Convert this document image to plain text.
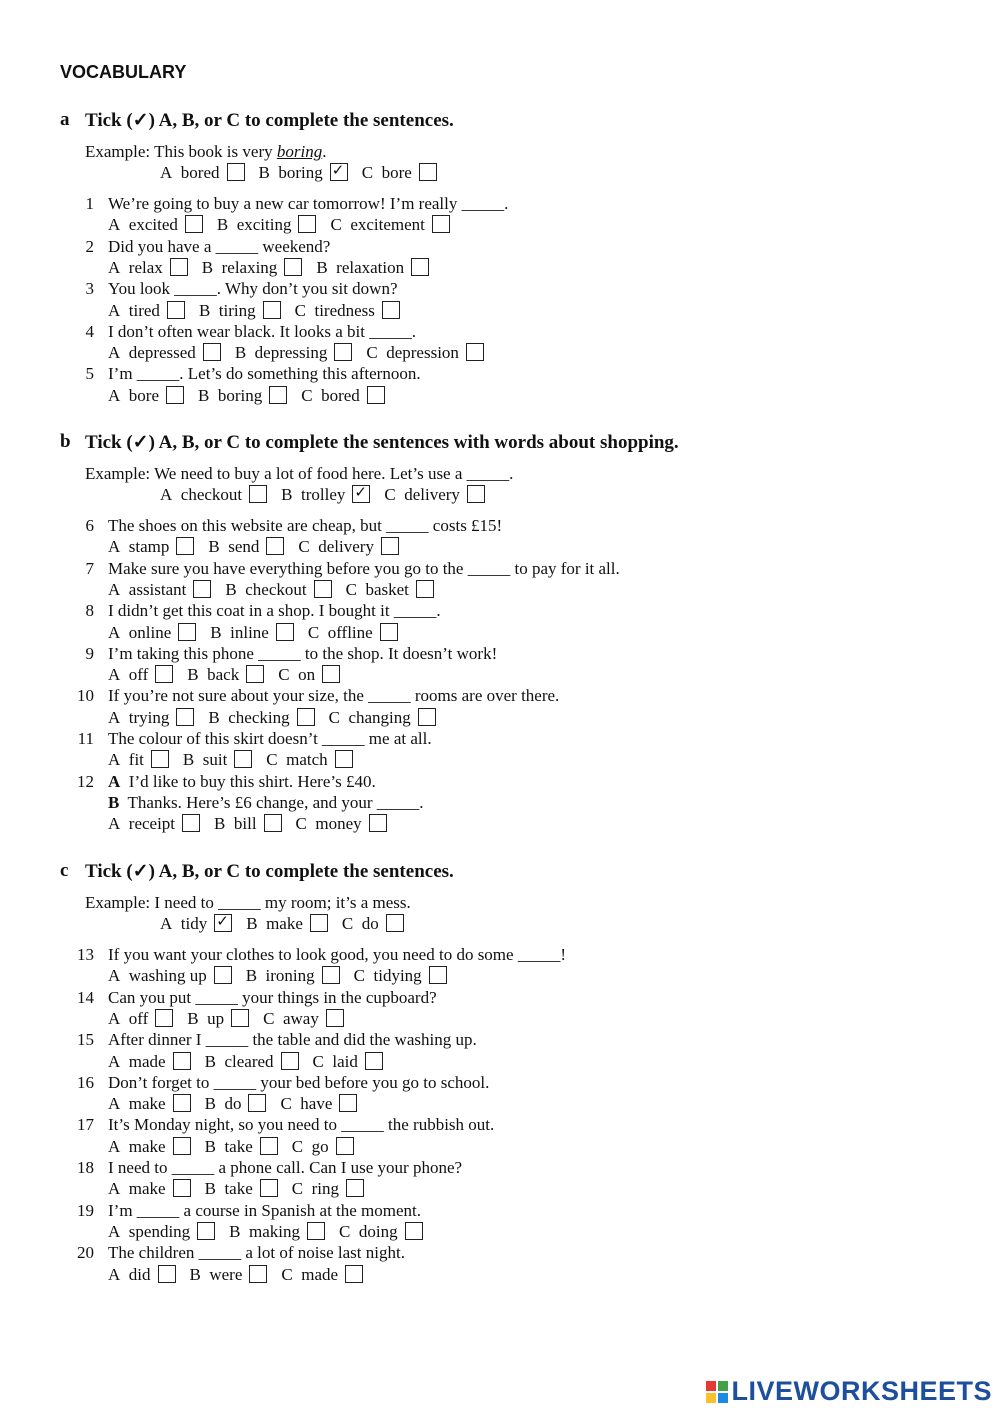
VOCABULARY
a Tick (✓) A, B, or C to complete the sentences.
Example: This book is very boring.
A bored B boring ✓ C bore
1 We’re going to buy a new car tomorrow! I’m really _____.
A excited B exciting C excitement
2 Did you have a _____ weekend?
A relax B relaxing B relaxation
3 You look _____. Why don’t you sit down?
A tired B tiring C tiredness
4 I don’t often wear black. It looks a bit _____.
A depressed B depressing C depression
5 I’m _____. Let’s do something this afternoon.
A bore B boring C bored
b Tick (✓) A, B, or C to complete the sentences with words about shopping.
Example: We need to buy a lot of food here. Let’s use a _____.
A checkout B trolley ✓ C delivery
6 The shoes on this website are cheap, but _____ costs £15!
A stamp B send C delivery
7 Make sure you have everything before you go to the _____ to pay for it all.
A assistant B checkout C basket
8 I didn’t get this coat in a shop. I bought it _____.
A online B inline C offline
9 I’m taking this phone _____ to the shop. It doesn’t work!
A off B back C on
10 If you’re not sure about your size, the _____ rooms are over there.
A trying B checking C changing
11 The colour of this skirt doesn’t _____ me at all.
A fit B suit C match
12 A  I’d like to buy this shirt. Here’s £40.
B  Thanks. Here’s £6 change, and your _____.
A receipt B bill C money
c Tick (✓) A, B, or C to complete the sentences.
Example: I need to _____ my room; it’s a mess.
A tidy ✓ B make C do
13 If you want your clothes to look good, you need to do some _____!
A washing up B ironing C tidying
14 Can you put _____ your things in the cupboard?
A off B up C away
15 After dinner I _____ the table and did the washing up.
A made B cleared C laid
16 Don’t forget to _____ your bed before you go to school.
A make B do C have
17 It’s Monday night, so you need to _____ the rubbish out.
A make B take C go
18 I need to _____ a phone call. Can I use your phone?
A make B take C ring
19 I’m _____ a course in Spanish at the moment.
A spending B making C doing
20 The children _____ a lot of noise last night.
A did B were C made
LIVEWORKSHEETS
